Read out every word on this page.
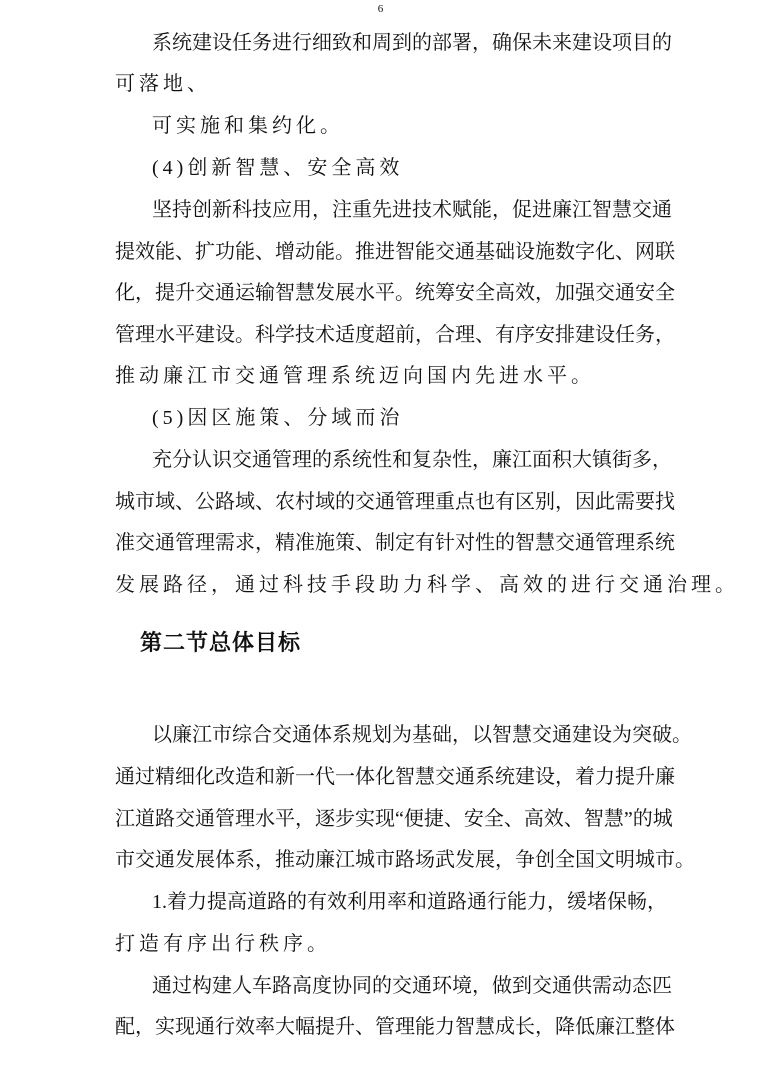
6
系统建设任务进行细致和周到的部署，确保未来建设项目的
可落地、
可实施和集约化。
(4)创新智慧、安全高效
坚持创新科技应用，注重先进技术赋能，促进廉江智慧交通
提效能、扩功能、增动能。推进智能交通基础设施数字化、网联
化，提升交通运输智慧发展水平。统筹安全高效，加强交通安全
管理水平建设。科学技术适度超前，合理、有序安排建设任务，
推动廉江市交通管理系统迈向国内先进水平。
(5)因区施策、分域而治
充分认识交通管理的系统性和复杂性，廉江面积大镇街多，
城市域、公路域、农村域的交通管理重点也有区别，因此需要找
准交通管理需求，精准施策、制定有针对性的智慧交通管理系统
发展路径，通过科技手段助力科学、高效的进行交通治理。
第二节总体目标
以廉江市综合交通体系规划为基础，以智慧交通建设为突破。
通过精细化改造和新一代一体化智慧交通系统建设，着力提升廉
江道路交通管理水平，逐步实现“便捷、安全、高效、智慧”的城
市交通发展体系，推动廉江城市路场武发展，争创全国文明城市。
1.着力提高道路的有效利用率和道路通行能力，缓堵保畅，
打造有序出行秩序。
通过构建人车路高度协同的交通环境，做到交通供需动态匹
配，实现通行效率大幅提升、管理能力智慧成长，降低廉江整体
